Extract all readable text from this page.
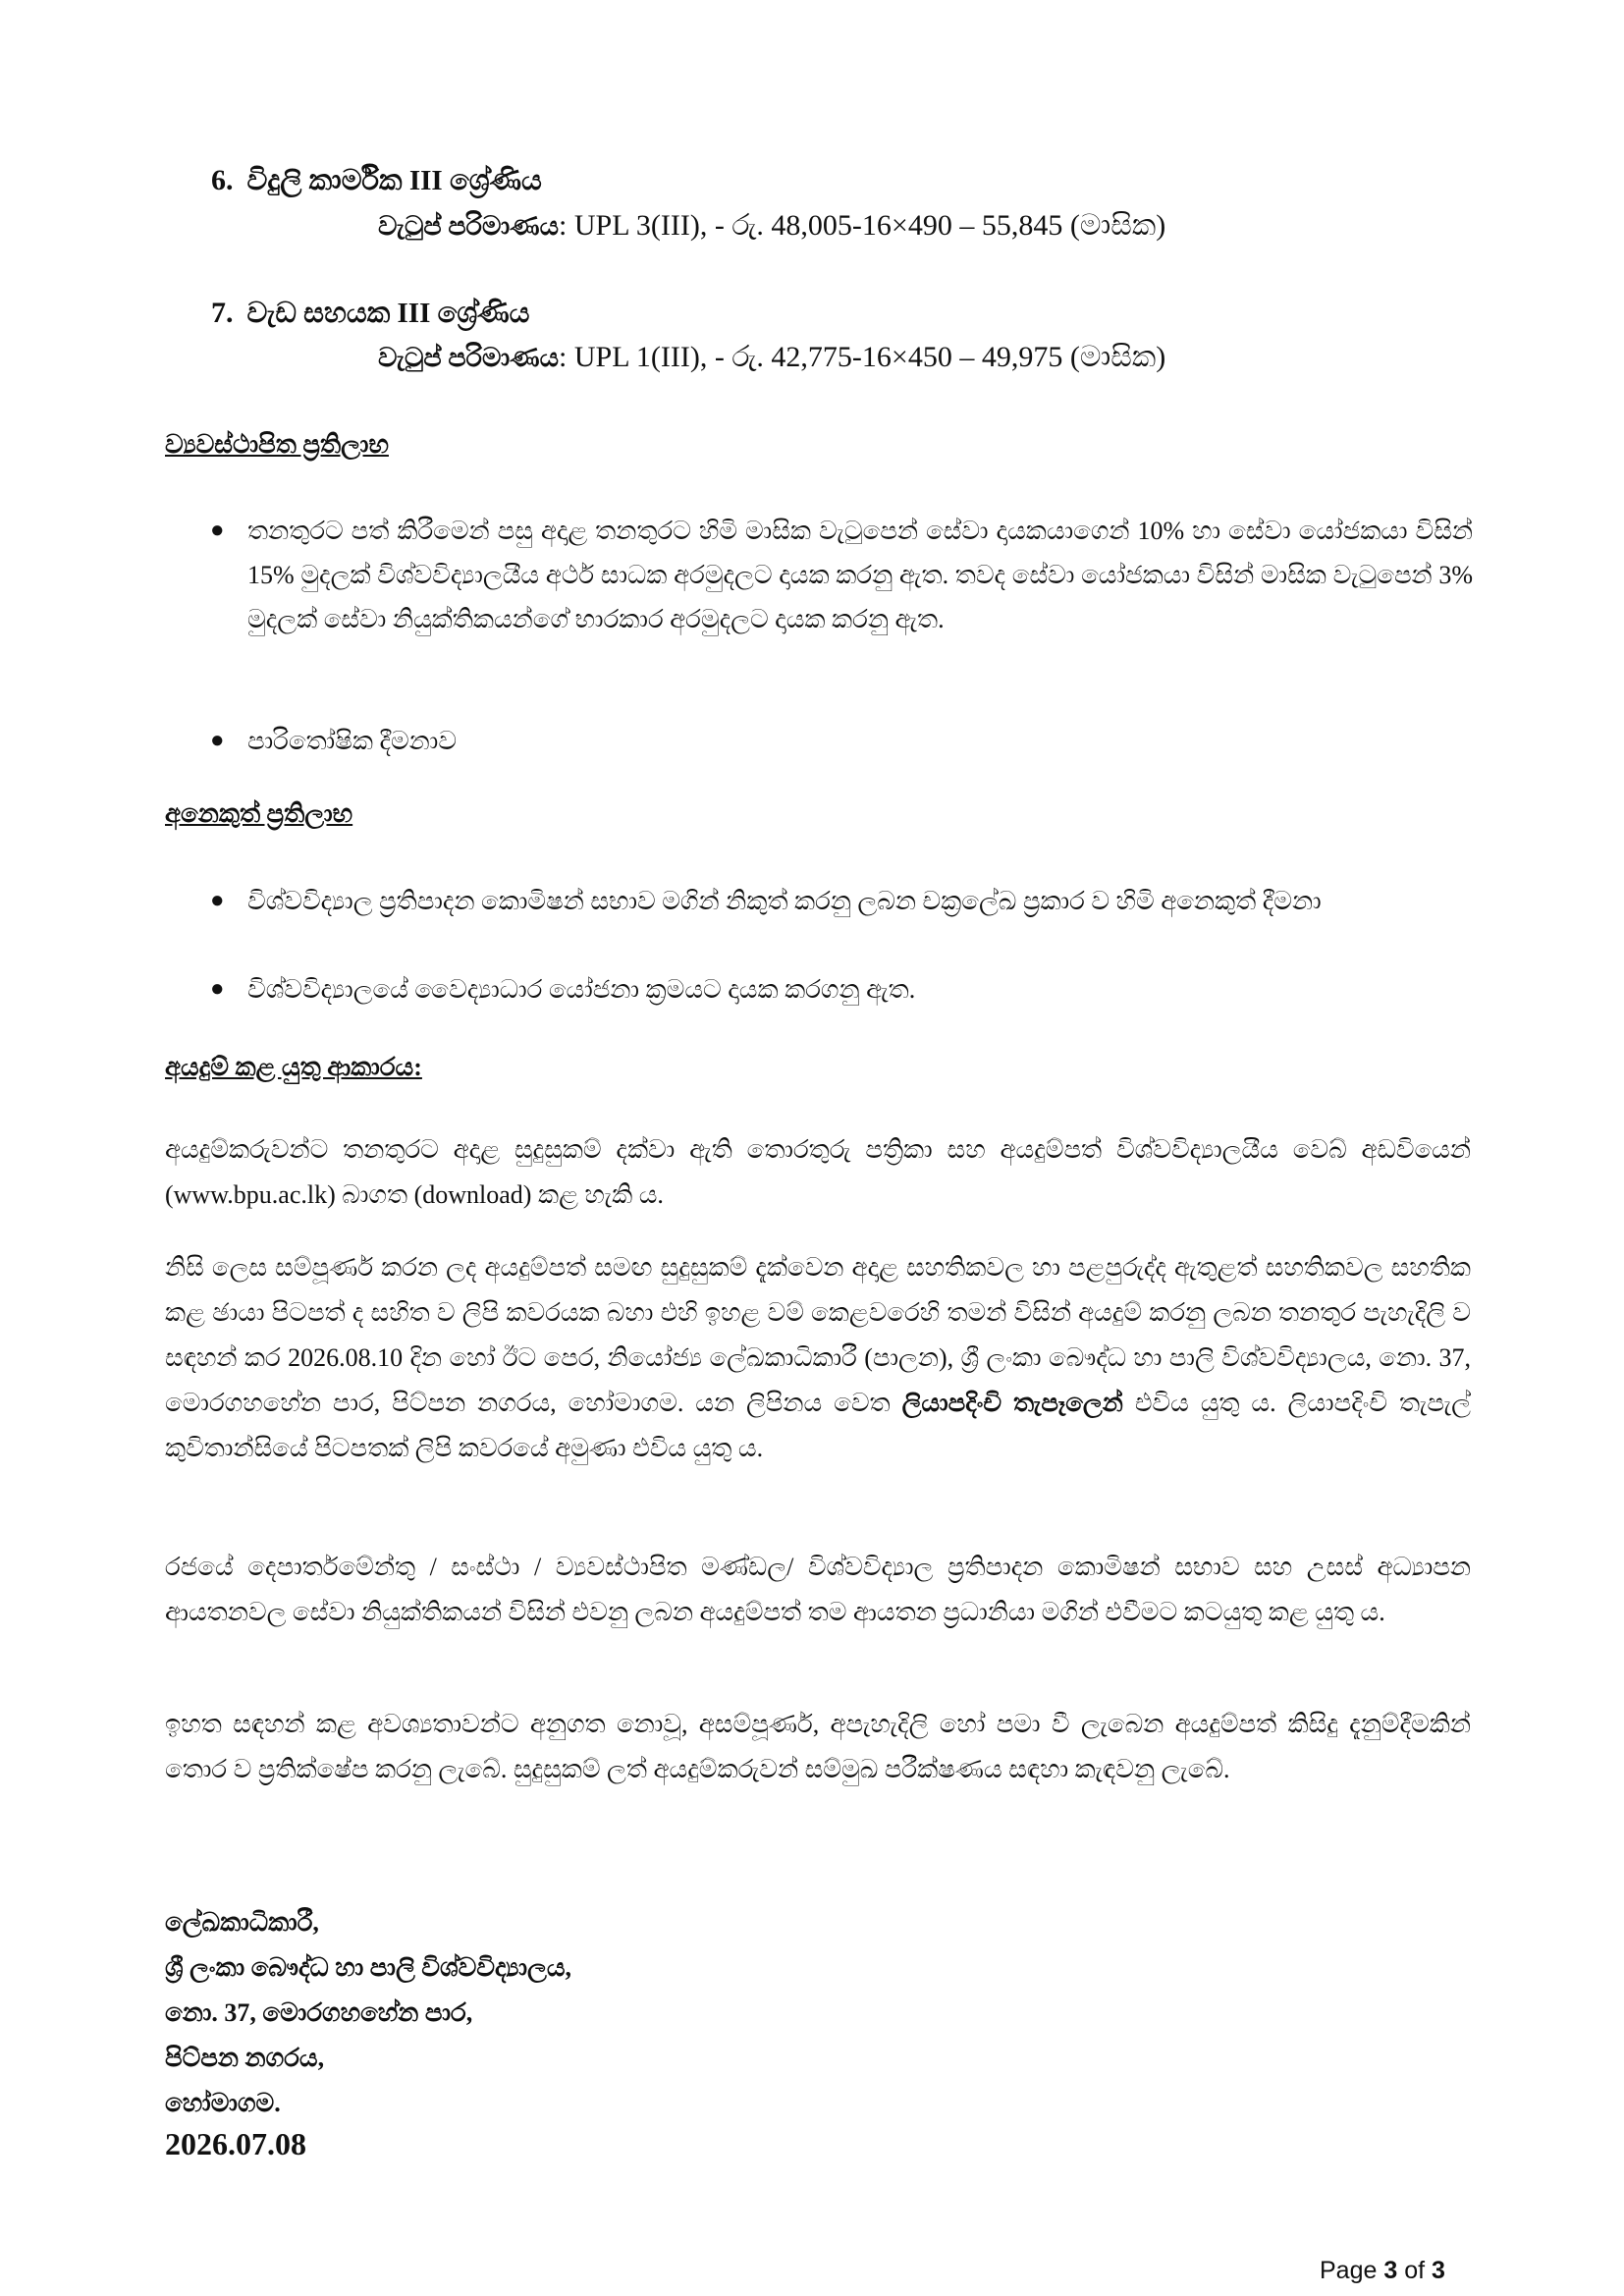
6. විදුලි කාර්මික III ශ්‍රේණිය
වැටුප් පරිමාණය: UPL 3(III), - රු. 48,005-16×490 – 55,845 (මාසික)
7. වැඩ සහයක III ශ්‍රේණිය
වැටුප් පරිමාණය: UPL 1(III), - රු. 42,775-16×450 – 49,975 (මාසික)
ව්‍යවස්ථාපිත ප්‍රතිලාභ
● තනතුරට පත් කිරීමෙන් පසු අදාළ තනතුරට හිමි මාසික වැටුපෙන් සේවා දායකයාගෙන් 10% හා සේවා යෝජකයා විසින් 15% මුදලක් විශ්වවිද්‍යාලයීය අර්ථ සාධක අරමුදලට දායක කරනු ඇත. තවද සේවා යෝජකයා විසින් මාසික වැටුපෙන් 3% මුදලක් සේවා නියුක්තිකයන්ගේ භාරකාර අරමුදලට දායක කරනු ඇත.
● පාරිතෝෂික දීමනාව
අනෙකුත් ප්‍රතිලාභ
● විශ්වවිද්‍යාල ප්‍රතිපාදන කොමිෂන් සභාව මගින් නිකුත් කරනු ලබන චක්‍රලේඛ ප්‍රකාර ව හිමි අනෙකුත් දීමනා
● විශ්වවිද්‍යාලයේ වෛද්‍යාධාර යෝජනා ක්‍රමයට දායක කරගනු ඇත.
අයදුම් කළ යුතු ආකාරය:
අයදුම්කරුවන්ට තනතුරට අදාළ සුදුසුකම් දක්වා ඇති තොරතුරු පත්‍රිකා සහ අයදුම්පත් විශ්වවිද්‍යාලයීය වෙබ් අඩවියෙන් (www.bpu.ac.lk) බාගත (download) කළ හැකි ය.
නිසි ලෙස සම්පූර්ණ කරන ලද අයදුම්පත් සමඟ සුදුසුකම් දැක්වෙන අදාළ සහතිකවල හා පළපුරුද්ද ඇතුළත් සහතිකවල සහතික කළ ඡායා පිටපත් ද සහිත ව ලිපි කවරයක බහා එහි ඉහළ වම් කෙළවරෙහි තමන් විසින් අයදුම් කරනු ලබන තනතුර පැහැදිලි ව සඳහන් කර 2026.08.10 දින හෝ ඊට පෙර, නියෝජ්‍ය ලේඛකාධිකාරී (පාලන), ශ්‍රී ලංකා බෞද්ධ හා පාලි විශ්වවිද්‍යාලය, නො. 37, මොරගහහේන පාර, පිට්පන නගරය, හෝමාගම. යන ලිපිනය වෙත ලියාපදිංචි තැපෑලෙන් එවිය යුතු ය. ලියාපදිංචි තැපැල් කුවිතාන්සියේ පිටපතක් ලිපි කවරයේ අමුණා එවිය යුතු ය.
රජයේ දෙපාර්තමේන්තු / සංස්ථා / ව්‍යවස්ථාපිත මණ්ඩල/ විශ්වවිද්‍යාල ප්‍රතිපාදන කොමිෂන් සභාව සහ උසස් අධ්‍යාපන ආයතනවල සේවා නියුක්තිකයන් විසින් එවනු ලබන අයදුම්පත් තම ආයතන ප්‍රධානියා මගින් එවීමට කටයුතු කළ යුතු ය.
ඉහත සඳහන් කළ අවශ්‍යතාවන්ට අනුගත නොවූ, අසම්පූර්ණ, අපැහැදිලි හෝ පමා වී ලැබෙන අයදුම්පත් කිසිදු දැනුම්දීමකින් තොර ව ප්‍රතික්ෂේප කරනු ලැබේ. සුදුසුකම් ලත් අයදුම්කරුවන් සම්මුඛ පරීක්ෂණය සඳහා කැඳවනු ලැබේ.
ලේඛකාධිකාරී,
ශ්‍රී ලංකා බෞද්ධ හා පාලි විශ්වවිද්‍යාලය,
නො. 37, මොරගහහේන පාර,
පිට්පන නගරය,
හෝමාගම.
2026.07.08
Page 3 of 3
